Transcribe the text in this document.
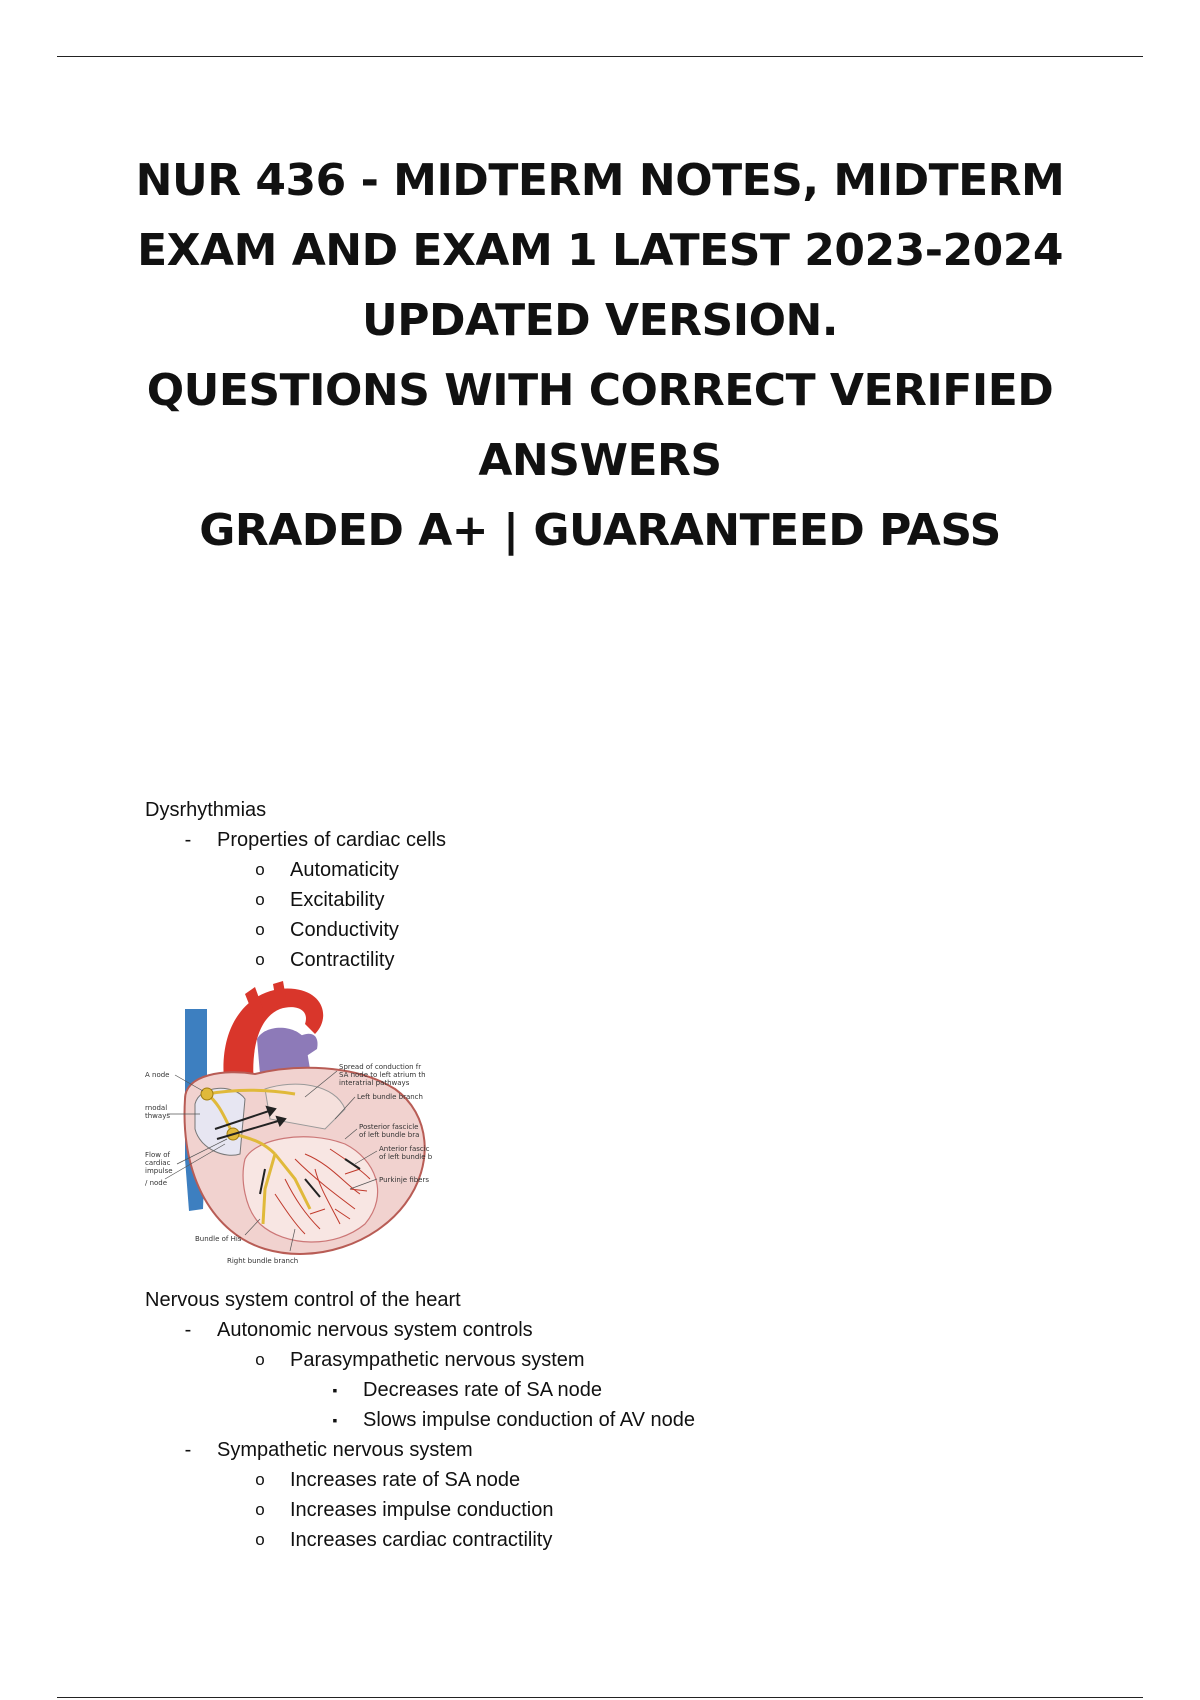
NUR 436 - MIDTERM NOTES, MIDTERM
EXAM AND EXAM 1 LATEST 2023-2024
UPDATED VERSION.
QUESTIONS WITH CORRECT VERIFIED
ANSWERS
GRADED A+ | GUARANTEED PASS
Dysrhythmias
- Properties of cardiac cells
o Automaticity
o Excitability
o Conductivity
o Contractility
A node
rnodal
thways
Flow of
cardiac
impulse
/ node
Spread of conduction fr
SA node to left atrium th
interatrial pathways
Left bundle branch
Posterior fascicle
of left bundle bra
Anterior fascic
of left bundle b
Purkinje fibers
Bundle of His
Right bundle branch
Nervous system control of the heart
- Autonomic nervous system controls
o Parasympathetic nervous system
▪ Decreases rate of SA node
▪ Slows impulse conduction of AV node
- Sympathetic nervous system
o Increases rate of SA node
o Increases impulse conduction
o Increases cardiac contractility
